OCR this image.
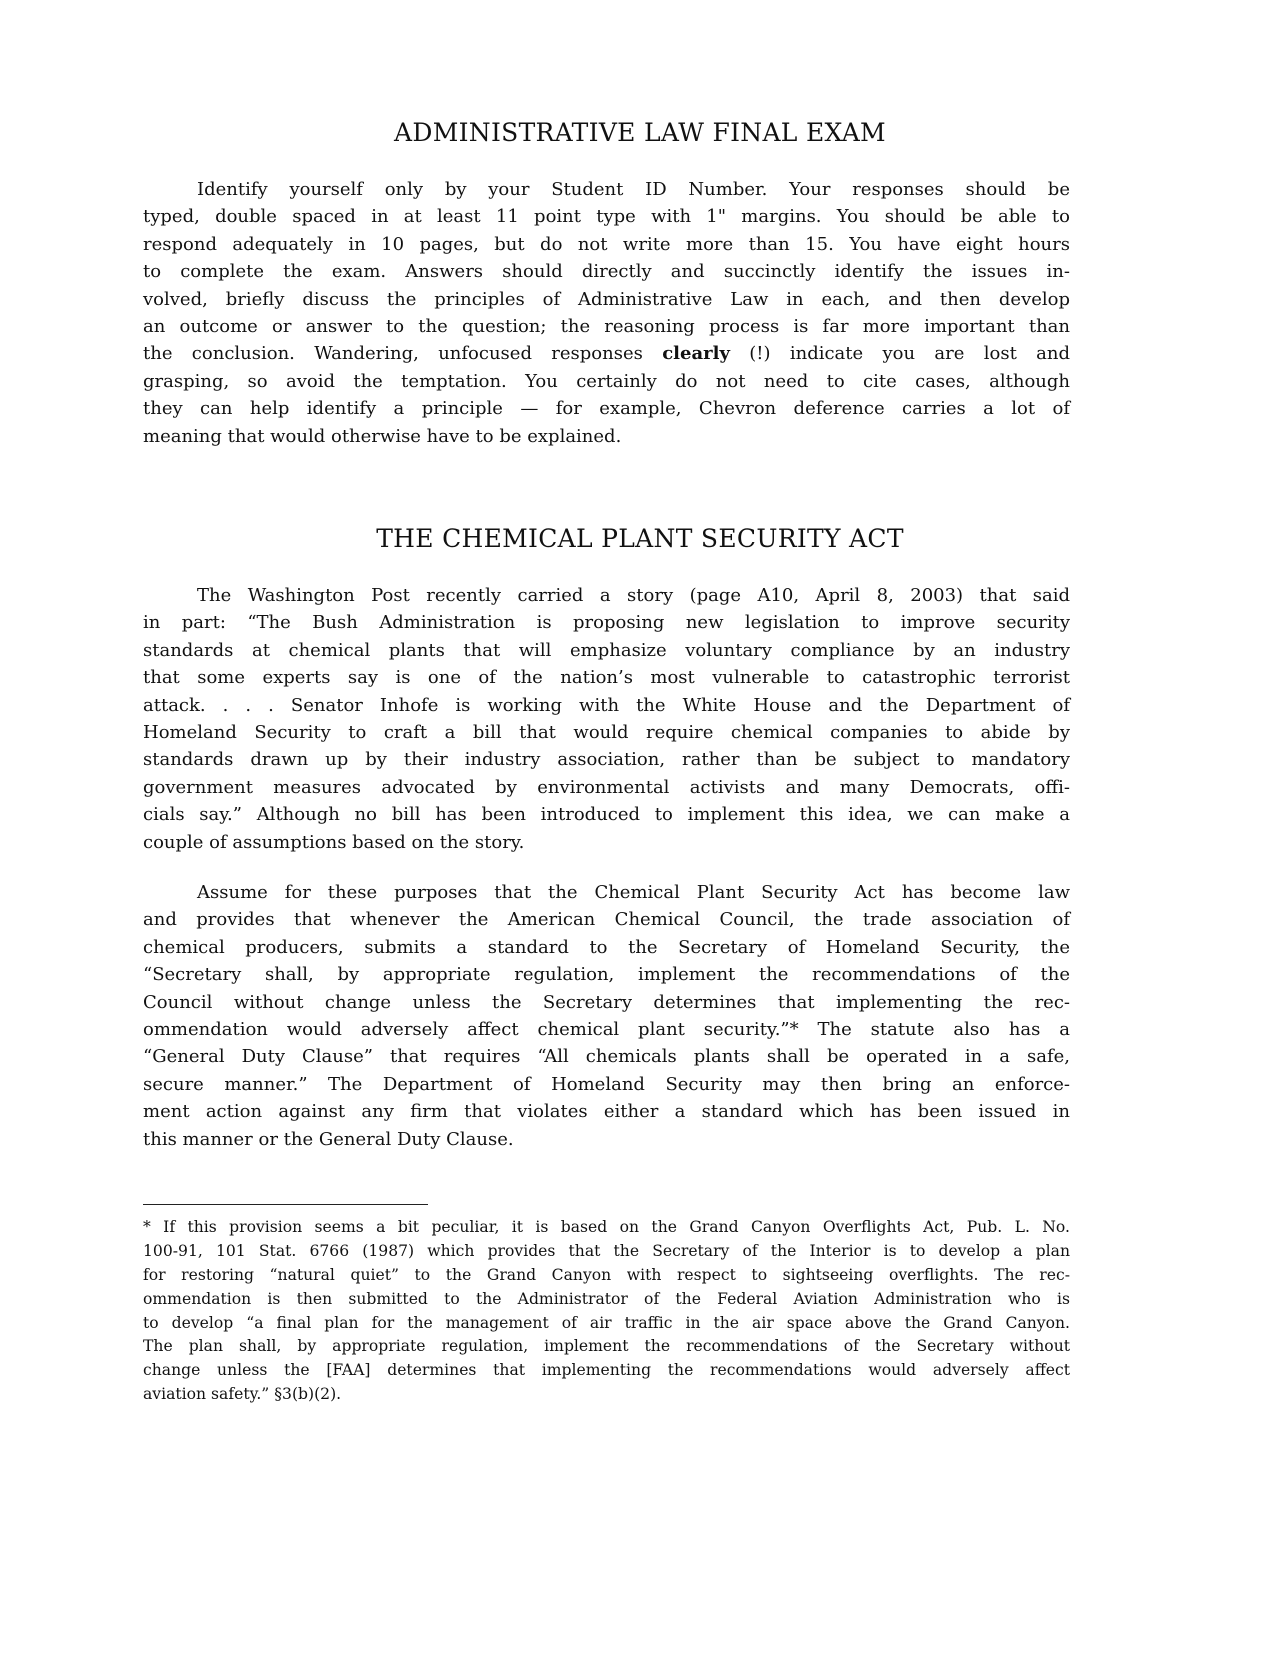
ADMINISTRATIVE LAW FINAL EXAM
Identify yourself only by your Student ID Number. Your responses should be
typed, double spaced in at least 11 point type with 1" margins. You should be able to
respond adequately in 10 pages, but do not write more than 15. You have eight hours
to complete the exam. Answers should directly and succinctly identify the issues in-
volved, briefly discuss the principles of Administrative Law in each, and then develop
an outcome or answer to the question; the reasoning process is far more important than
the conclusion. Wandering, unfocused responses clearly (!) indicate you are lost and
grasping, so avoid the temptation. You certainly do not need to cite cases, although
they can help identify a principle — for example, Chevron deference carries a lot of
meaning that would otherwise have to be explained.
THE CHEMICAL PLANT SECURITY ACT
The Washington Post recently carried a story (page A10, April 8, 2003) that said
in part: “The Bush Administration is proposing new legislation to improve security
standards at chemical plants that will emphasize voluntary compliance by an industry
that some experts say is one of the nation’s most vulnerable to catastrophic terrorist
attack. . . . Senator Inhofe is working with the White House and the Department of
Homeland Security to craft a bill that would require chemical companies to abide by
standards drawn up by their industry association, rather than be subject to mandatory
government measures advocated by environmental activists and many Democrats, offi-
cials say.” Although no bill has been introduced to implement this idea, we can make a
couple of assumptions based on the story.
Assume for these purposes that the Chemical Plant Security Act has become law
and provides that whenever the American Chemical Council, the trade association of
chemical producers, submits a standard to the Secretary of Homeland Security, the
“Secretary shall, by appropriate regulation, implement the recommendations of the
Council without change unless the Secretary determines that implementing the rec-
ommendation would adversely affect chemical plant security.”* The statute also has a
“General Duty Clause” that requires “All chemicals plants shall be operated in a safe,
secure manner.” The Department of Homeland Security may then bring an enforce-
ment action against any firm that violates either a standard which has been issued in
this manner or the General Duty Clause.
* If this provision seems a bit peculiar, it is based on the Grand Canyon Overflights Act, Pub. L. No.
100-91, 101 Stat. 6766 (1987) which provides that the Secretary of the Interior is to develop a plan
for restoring “natural quiet” to the Grand Canyon with respect to sightseeing overflights. The rec-
ommendation is then submitted to the Administrator of the Federal Aviation Administration who is
to develop “a final plan for the management of air traffic in the air space above the Grand Canyon.
The plan shall, by appropriate regulation, implement the recommendations of the Secretary without
change unless the [FAA] determines that implementing the recommendations would adversely affect
aviation safety.” §3(b)(2).
